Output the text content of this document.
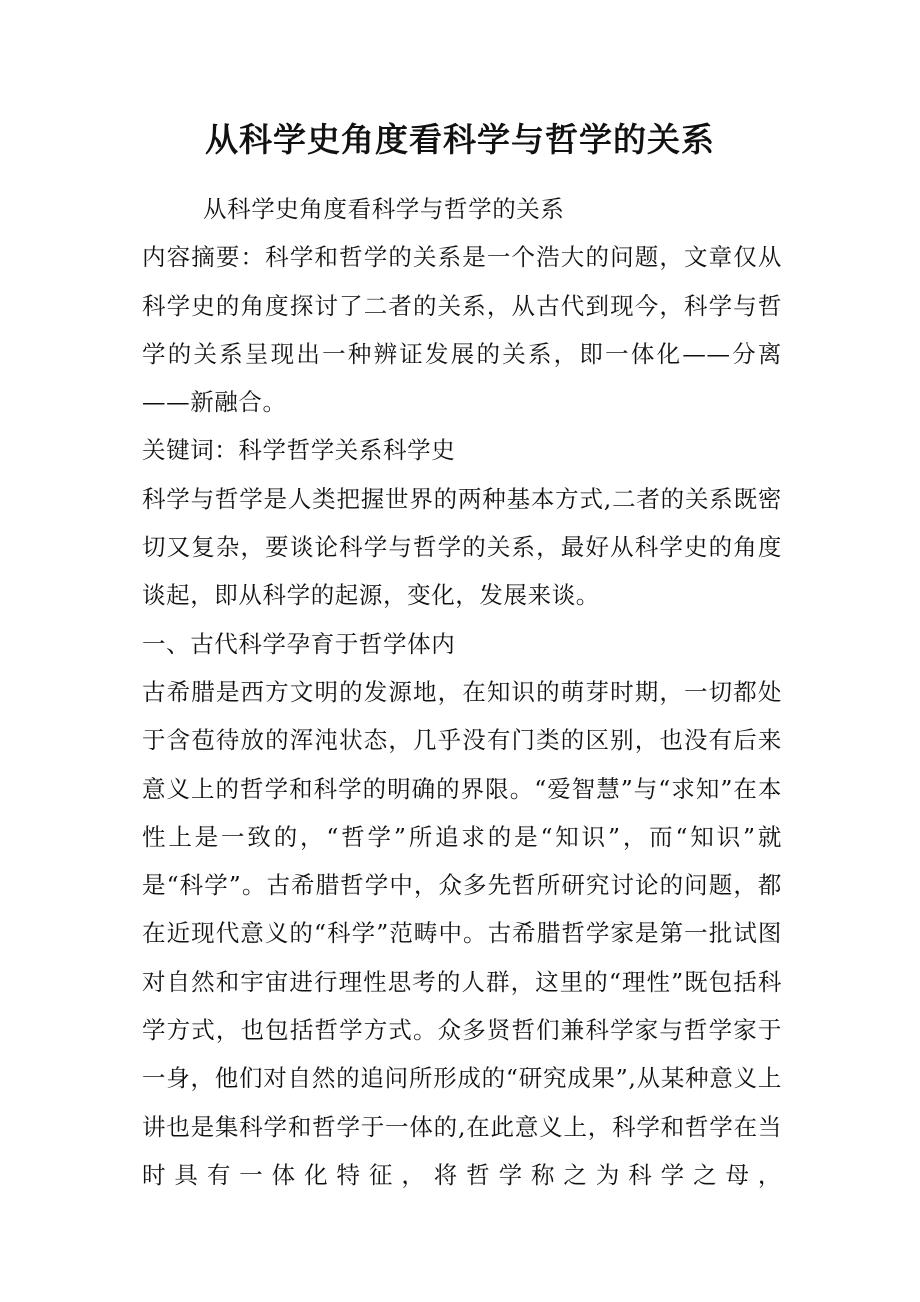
从科学史角度看科学与哲学的关系

从科学史角度看科学与哲学的关系

内容摘要：科学和哲学的关系是一个浩大的问题，文章仅从科学史的角度探讨了二者的关系，从古代到现今，科学与哲学的关系呈现出一种辨证发展的关系，即一体化——分离——新融合。

关键词：科学哲学关系科学史

科学与哲学是人类把握世界的两种基本方式,二者的关系既密切又复杂，要谈论科学与哲学的关系，最好从科学史的角度谈起，即从科学的起源，变化，发展来谈。

一、古代科学孕育于哲学体内

古希腊是西方文明的发源地，在知识的萌芽时期，一切都处于含苞待放的浑沌状态，几乎没有门类的区别，也没有后来意义上的哲学和科学的明确的界限。“爱智慧”与“求知”在本性上是一致的，“哲学”所追求的是“知识”，而“知识”就是“科学”。古希腊哲学中，众多先哲所研究讨论的问题，都在近现代意义的“科学”范畴中。古希腊哲学家是第一批试图对自然和宇宙进行理性思考的人群，这里的“理性”既包括科学方式，也包括哲学方式。众多贤哲们兼科学家与哲学家于一身，他们对自然的追问所形成的“研究成果”,从某种意义上讲也是集科学和哲学于一体的,在此意义上，科学和哲学在当时具有一体化特征，将哲学称之为科学之母，
